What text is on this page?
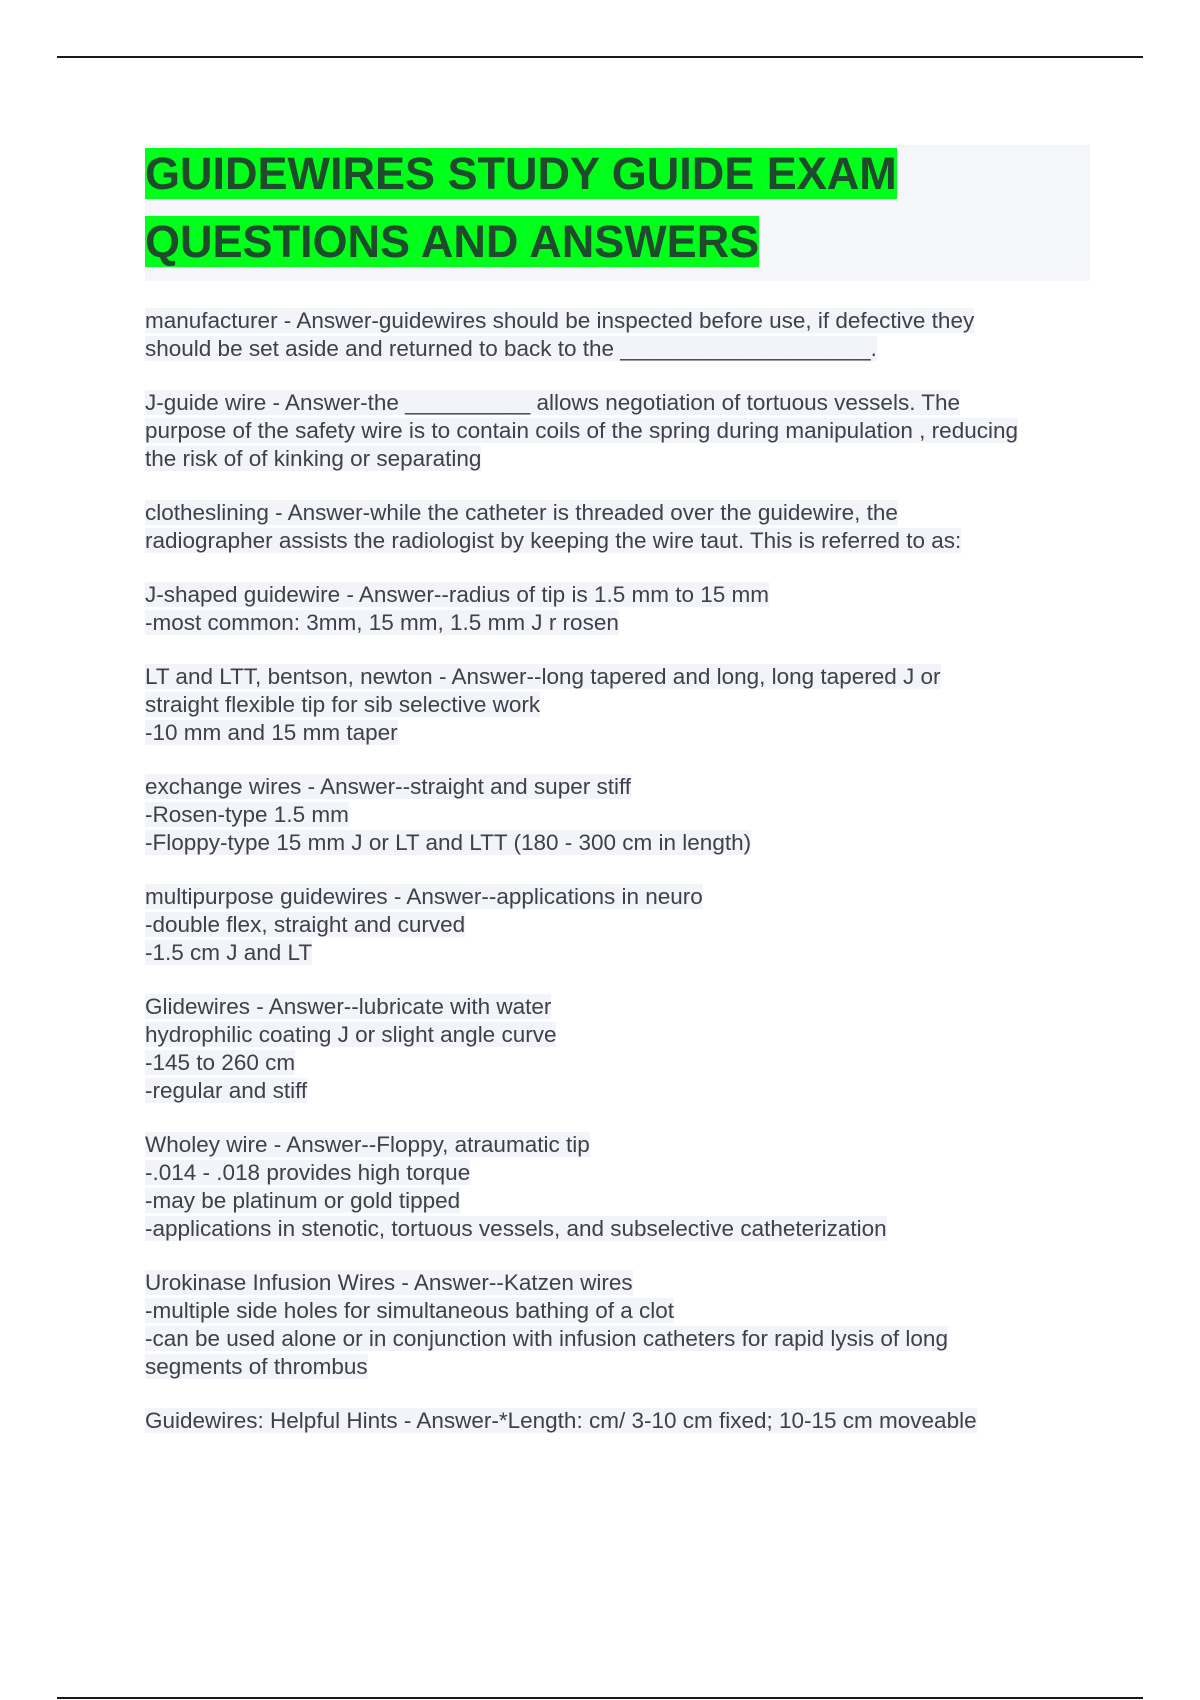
GUIDEWIRES STUDY GUIDE EXAM
QUESTIONS AND ANSWERS
manufacturer - Answer-guidewires should be inspected before use, if defective they
should be set aside and returned to back to the ____________________.
J-guide wire - Answer-the __________ allows negotiation of tortuous vessels. The
purpose of the safety wire is to contain coils of the spring during manipulation , reducing
the risk of of kinking or separating
clotheslining - Answer-while the catheter is threaded over the guidewire, the
radiographer assists the radiologist by keeping the wire taut. This is referred to as:
J-shaped guidewire - Answer--radius of tip is 1.5 mm to 15 mm
-most common: 3mm, 15 mm, 1.5 mm J r rosen
LT and LTT, bentson, newton - Answer--long tapered and long, long tapered J or
straight flexible tip for sib selective work
-10 mm and 15 mm taper
exchange wires - Answer--straight and super stiff
-Rosen-type 1.5 mm
-Floppy-type 15 mm J or LT and LTT (180 - 300 cm in length)
multipurpose guidewires - Answer--applications in neuro
-double flex, straight and curved
-1.5 cm J and LT
Glidewires - Answer--lubricate with water
hydrophilic coating J or slight angle curve
-145 to 260 cm
-regular and stiff
Wholey wire - Answer--Floppy, atraumatic tip
-.014 - .018 provides high torque
-may be platinum or gold tipped
-applications in stenotic, tortuous vessels, and subselective catheterization
Urokinase Infusion Wires - Answer--Katzen wires
-multiple side holes for simultaneous bathing of a clot
-can be used alone or in conjunction with infusion catheters for rapid lysis of long
segments of thrombus
Guidewires: Helpful Hints - Answer-*Length: cm/ 3-10 cm fixed; 10-15 cm moveable
